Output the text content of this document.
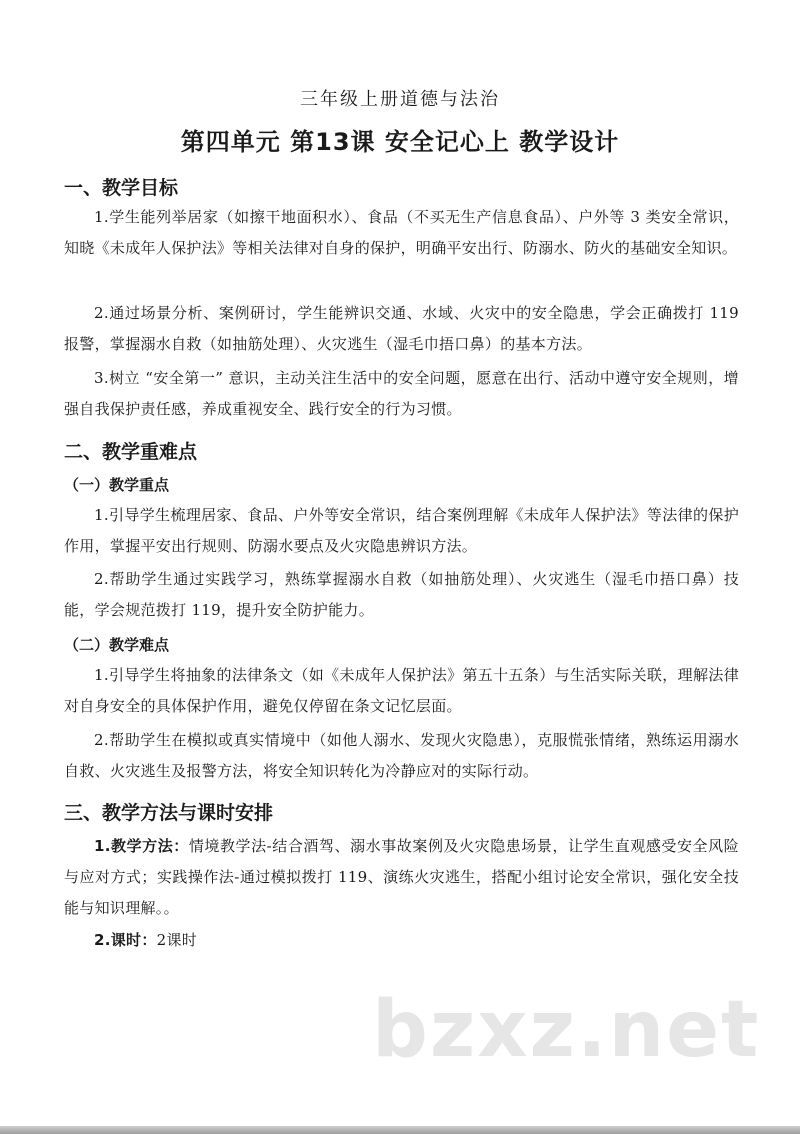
三年级上册道德与法治
第四单元 第13课 安全记心上 教学设计
一、教学目标
1.学生能列举居家（如擦干地面积水）、食品（不买无生产信息食品）、户外等 3 类安全常识，知晓《未成年人保护法》等相关法律对自身的保护，明确平安出行、防溺水、防火的基础安全知识。
2.通过场景分析、案例研讨，学生能辨识交通、水域、火灾中的安全隐患，学会正确拨打 119 报警，掌握溺水自救（如抽筋处理）、火灾逃生（湿毛巾捂口鼻）的基本方法。
3.树立 “安全第一” 意识，主动关注生活中的安全问题，愿意在出行、活动中遵守安全规则，增强自我保护责任感，养成重视安全、践行安全的行为习惯。
二、教学重难点
（一）教学重点
1.引导学生梳理居家、食品、户外等安全常识，结合案例理解《未成年人保护法》等法律的保护作用，掌握平安出行规则、防溺水要点及火灾隐患辨识方法。
2.帮助学生通过实践学习，熟练掌握溺水自救（如抽筋处理）、火灾逃生（湿毛巾捂口鼻）技能，学会规范拨打 119，提升安全防护能力。
（二）教学难点
1.引导学生将抽象的法律条文（如《未成年人保护法》第五十五条）与生活实际关联，理解法律对自身安全的具体保护作用，避免仅停留在条文记忆层面。
2.帮助学生在模拟或真实情境中（如他人溺水、发现火灾隐患），克服慌张情绪，熟练运用溺水自救、火灾逃生及报警方法，将安全知识转化为冷静应对的实际行动。
三、教学方法与课时安排
1.教学方法：情境教学法-结合酒驾、溺水事故案例及火灾隐患场景，让学生直观感受安全风险与应对方式；实践操作法-通过模拟拨打 119、演练火灾逃生，搭配小组讨论安全常识，强化安全技能与知识理解。。
2.课时：2课时
bzxz.net
